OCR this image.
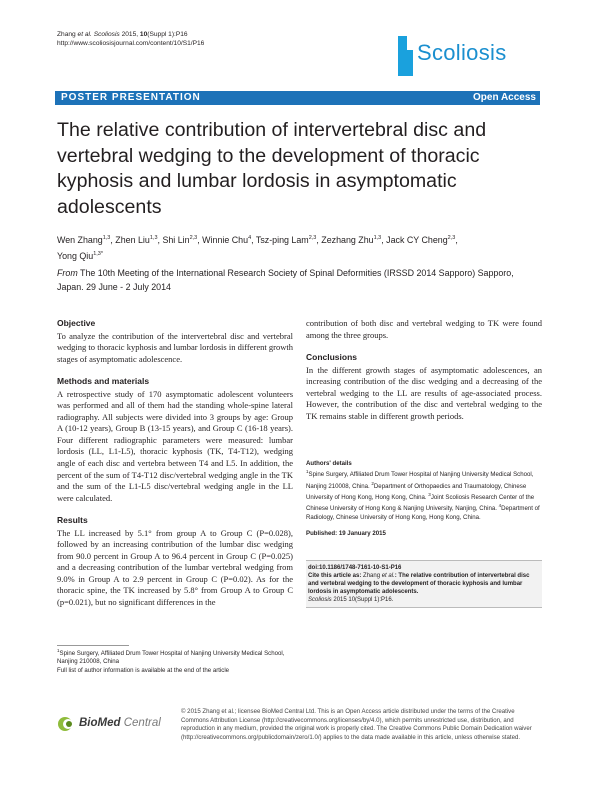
Zhang et al. Scoliosis 2015, 10(Suppl 1):P16
http://www.scoliosisjournal.com/content/10/S1/P16	Scoliosis
POSTER PRESENTATION	Open Access
The relative contribution of intervertebral disc and vertebral wedging to the development of thoracic kyphosis and lumbar lordosis in asymptomatic adolescents
Wen Zhang$^{1,3}$, Zhen Liu$^{1,3}$, Shi Lin$^{2,3}$, Winnie Chu$^4$, Tsz-ping Lam$^{2,3}$, Zezhang Zhu$^{1,3}$, Jack CY Cheng$^{2,3}$,
Yong Qiu$^{1,3*}$
From The 10th Meeting of the International Research Society of Spinal Deformities (IRSSD 2014 Sapporo) Sapporo, Japan. 29 June - 2 July 2014
Objective

To analyze the contribution of the intervertebral disc and vertebral wedging to thoracic kyphosis and lumbar lordosis in different growth stages of asymptomatic adolescence.

Methods and materials

A retrospective study of 170 asymptomatic adolescent volunteers was performed and all of them had the standing whole-spine lateral radiography. All subjects were divided into 3 groups by age: Group A (10-12 years), Group B (13-15 years), and Group C (16-18 years). Four different radiographic parameters were measured: lumbar lordosis (LL, L1-L5), thoracic kyphosis (TK, T4-T12), wedging angle of each disc and vertebra between T4 and L5. In addition, the percent of the sum of T4-T12 disc/vertebral wedging angle in the TK and the sum of the L1-L5 disc/vertebral wedging angle in the LL were calculated.

Results

The LL increased by 5.1° from group A to Group C (P=0.028), followed by an increasing contribution of the lumbar disc wedging from 90.0 percent in Group A to 96.4 percent in Group C (P=0.025) and a decreasing contribution of the lumbar vertebral wedging from 9.0% in Group A to 2.9 percent in Group C (P=0.02). As for the thoracic spine, the TK increased by 5.8° from Group A to Group C (p=0.021), but no significant differences in the

contribution of both disc and vertebral wedging to TK were found among the three groups.

Conclusions

In the different growth stages of asymptomatic adolescences, an increasing contribution of the disc wedging and a decreasing of the vertebral wedging to the LL are results of age-associated process. However, the contribution of the disc and vertebral wedging to the TK remains stable in different growth periods.

Authors' details
$^1$Spine Surgery, Affiliated Drum Tower Hospital of Nanjing University Medical School, Nanjing 210008, China. $^2$Department of Orthopaedics and Traumatology, Chinese University of Hong Kong, Hong Kong, China. $^3$Joint Scoliosis Research Center of the Chinese University of Hong Kong & Nanjing University, Nanjing, China. $^4$Department of Radiology, Chinese University of Hong Kong, Hong Kong, China.
Published: 19 January 2015
doi:10.1186/1748-7161-10-S1-P16
Cite this article as: Zhang et al.: The relative contribution of intervertebral disc and vertebral wedging to the development of thoracic kyphosis and lumbar lordosis in asymptomatic adolescents.
Scoliosis 2015 10(Suppl 1):P16.
$^1$Spine Surgery, Affiliated Drum Tower Hospital of Nanjing University Medical School, Nanjing 210008, China
Full list of author information is available at the end of the article
BioMed Central
© 2015 Zhang et al.; licensee BioMed Central Ltd. This is an Open Access article distributed under the terms of the Creative Commons Attribution License (http://creativecommons.org/licenses/by/4.0), which permits unrestricted use, distribution, and reproduction in any medium, provided the original work is properly cited. The Creative Commons Public Domain Dedication waiver (http://creativecommons.org/publicdomain/zero/1.0/) applies to the data made available in this article, unless otherwise stated.
